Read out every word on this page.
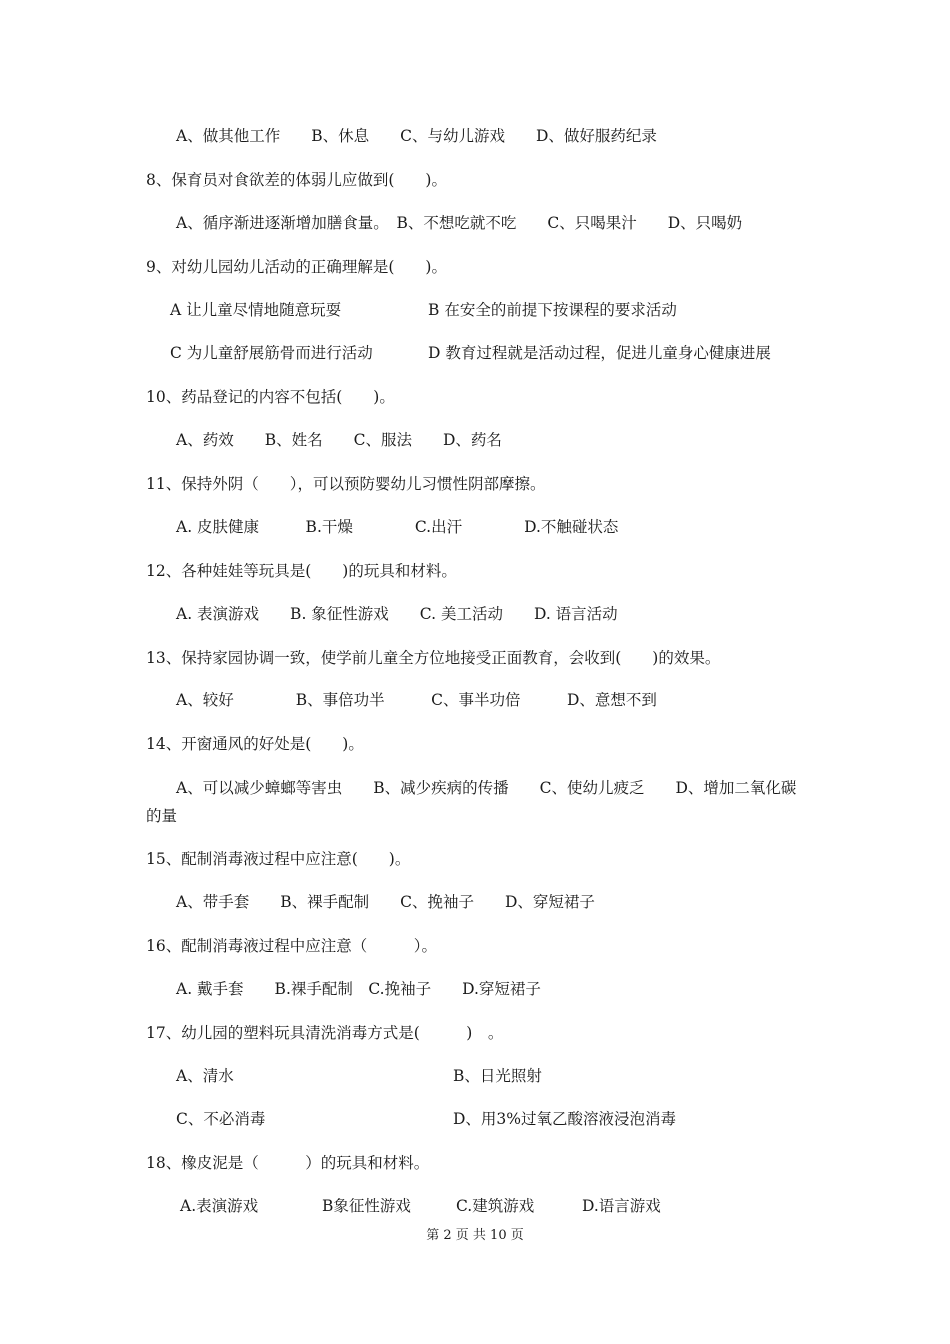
A、做其他工作　　B、休息　　C、与幼儿游戏　　D、做好服药纪录

8、保育员对食欲差的体弱儿应做到(　　)。

A、循序渐进逐渐增加膳食量。　B、不想吃就不吃　　C、只喝果汁　　D、只喝奶

9、对幼儿园幼儿活动的正确理解是(　　)。

A 让儿童尽情地随意玩耍	B 在安全的前提下按课程的要求活动

C 为儿童舒展筋骨而进行活动	D 教育过程就是活动过程，促进儿童身心健康进展

10、药品登记的内容不包括(　　)。

A、药效　　B、姓名　　C、服法　　D、药名

11、保持外阴（　　），可以预防婴幼儿习惯性阴部摩擦。

A. 皮肤健康　　　B.干燥　　　　C.出汗　　　　D.不触碰状态

12、各种娃娃等玩具是(　　)的玩具和材料。

A. 表演游戏　　B. 象征性游戏　　C. 美工活动　　D. 语言活动

13、保持家园协调一致，使学前儿童全方位地接受正面教育，会收到(　　)的效果。

A、较好　　　　B、事倍功半　　　C、事半功倍　　　D、意想不到

14、开窗通风的好处是(　　)。

A、可以减少蟑螂等害虫　　B、减少疾病的传播　　C、使幼儿疲乏　　D、增加二氧化碳

的量

15、配制消毒液过程中应注意(　　)。

A、带手套　　B、裸手配制　　C、挽袖子　　D、穿短裙子

16、配制消毒液过程中应注意（　　　）。

A. 戴手套　　B.裸手配制　C.挽袖子　　D.穿短裙子

17、幼儿园的塑料玩具清洗消毒方式是(　　　)　。

A、清水	B、日光照射

C、不必消毒	D、用3%过氧乙酸溶液浸泡消毒

18、橡皮泥是（　　　）的玩具和材料。

A.表演游戏	B象征性游戏	C.建筑游戏	D.语言游戏

第 2 页 共 10 页
